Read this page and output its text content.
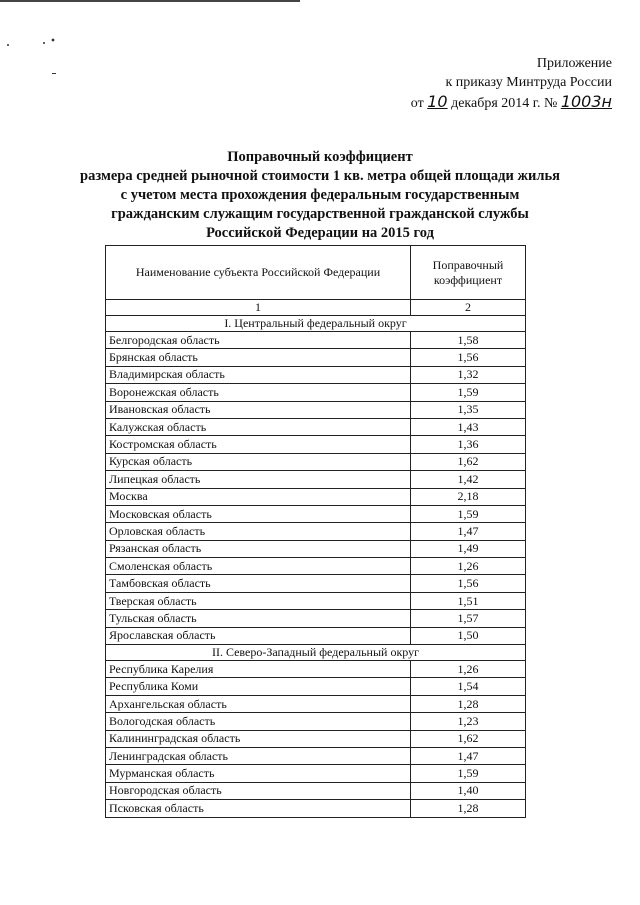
Приложение
к приказу Минтруда России
от 10 декабря 2014 г. № 1003н
Поправочный коэффициент
размера средней рыночной стоимости 1 кв. метра общей площади жилья
с учетом места прохождения федеральным государственным
гражданским служащим государственной гражданской службы
Российской Федерации на 2015 год
Наименование субъекта Российской Федерации	Поправочный коэффициент
1	2
I. Центральный федеральный округ	
Белгородская область	1,58
Брянская область	1,56
Владимирская область	1,32
Воронежская область	1,59
Ивановская область	1,35
Калужская область	1,43
Костромская область	1,36
Курская область	1,62
Липецкая область	1,42
Москва	2,18
Московская область	1,59
Орловская область	1,47
Рязанская область	1,49
Смоленская область	1,26
Тамбовская область	1,56
Тверская область	1,51
Тульская область	1,57
Ярославская область	1,50
II. Северо-Западный федеральный округ	
Республика Карелия	1,26
Республика Коми	1,54
Архангельская область	1,28
Вологодская область	1,23
Калининградская область	1,62
Ленинградская область	1,47
Мурманская область	1,59
Новгородская область	1,40
Псковская область	1,28
